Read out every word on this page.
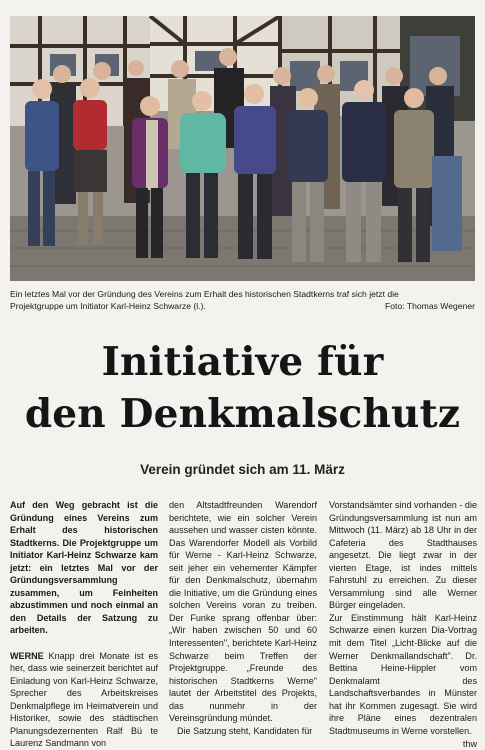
Ein letztes Mal vor der Gründung des Vereins zum Erhalt des historischen Stadtkerns traf sich jetzt die
Projektgruppe um Initiator Karl-Heinz Schwarze (l.).	Foto: Thomas Wegener
Initiative für
den Denkmalschutz
Verein gründet sich am 11. März

Auf den Weg gebracht ist die Gründung eines Vereins zum Erhalt des historischen Stadtkerns. Die Projektgruppe um Initiator Karl-Heinz Schwarze kam jetzt: ein letztes Mal vor der Gründungsversammlung zusammen, um Feinheiten abzustimmen und noch einmal an den Details der Satzung zu arbeiten.

WERNE Knapp drei Monate ist es her, dass wie seinerzeit berichtet auf Einladung von Karl-Heinz Schwarze, Sprecher des Arbeitskreises Denkmalpflege im Heimatverein und Historiker, sowie des städtischen Planungsdezernenten Ralf Bü te Laurenz Sandmann von

den Altstadtfreunden Warendorf berichtete, wie ein solcher Verein aussehen und wasser cisten könnte. Das Warendorfer Modell als Vorbild für Werne - Karl-Heinz Schwarze, seit jeher ein vehementer Kämpfer für den Denkmalschutz, übernahm die Initiative, um die Gründung eines solchen Vereins voran zu treiben. Der Funke sprang offenbar über: „Wir haben zwischen 50 und 60 Interessenten", berichtete Karl-Heinz Schwarze beim Treffen der Projektgruppe. „Freunde des historischen Stadtkerns Werne" lautet der Arbeitstitel des Projekts, das nunmehr in der Vereinsgründung mündet.

Die Satzung steht, Kandidaten für

Vorstandsämter sind vorhanden - die Gründungsversammlung ist nun am Mittwoch (11. März) ab 18 Uhr in der Cafeteria des Stadthauses angesetzt. Die liegt zwar in der vierten Etage, ist indes mittels Fahrstuhl zu erreichen. Zu dieser Versammlung sind alle Werner Bürger eingeladen.

Zur Einstimmung hält Karl-Heinz Schwarze einen kurzen Dia-Vortrag mit dem Titel „Licht-Blicke auf die Werner Denkmallandschaft". Dr. Bettina Heine-Hippler vom Denkmalamt des Landschaftsverbandes in Münster hat ihr Kommen zugesagt. Sie wird ihre Pläne eines dezentralen Stadtmuseums in Werne vorstellen.

thw
